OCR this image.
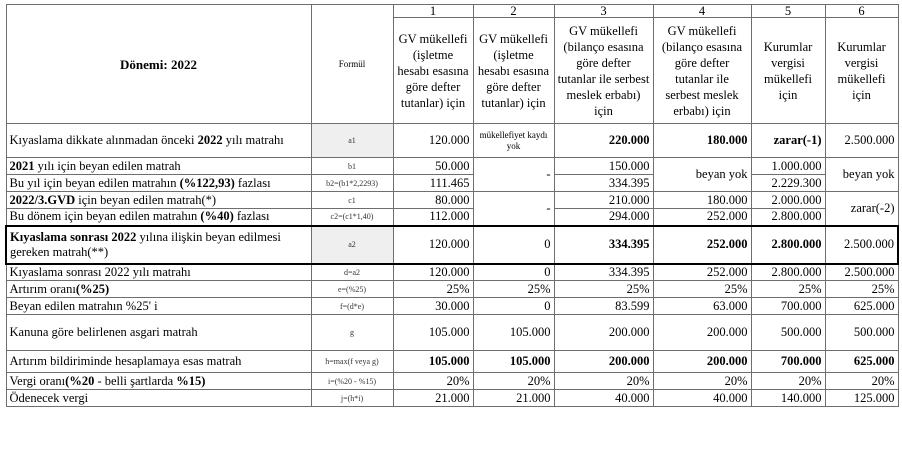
Dönemi: 2022	Formül	1	2	3	4	5	6
		GV mükellefi (işletme hesabı esasına göre defter tutanlar) için	GV mükellefi (işletme hesabı esasına göre defter tutanlar) için	GV mükellefi (bilanço esasına göre defter tutanlar ile serbest meslek erbabı) için	GV mükellefi (bilanço esasına göre defter tutanlar ile serbest meslek erbabı) için	Kurumlar vergisi mükellefi için	Kurumlar vergisi mükellefi için
Kıyaslama dikkate alınmadan önceki 2022 yılı matrahı	a1	120.000	mükellefiyet kaydı yok	220.000	180.000	zarar(-1)	2.500.000
2021 yılı için beyan edilen matrah	b1	50.000	-	150.000	beyan yok	1.000.000	beyan yok
Bu yıl için beyan edilen matrahın (%122,93) fazlası	b2=(b1*2,2293)	111.465		334.395		2.229.300	
2022/3.GVD için beyan edilen matrah(*)	c1	80.000	-	210.000	180.000	2.000.000	zarar(-2)
Bu dönem için beyan edilen matrahın (%40) fazlası	c2=(c1*1,40)	112.000		294.000	252.000	2.800.000	
Kıyaslama sonrası 2022 yılına ilişkin beyan edilmesi gereken matrah(**)	a2	120.000	0	334.395	252.000	2.800.000	2.500.000
Kıyaslama sonrası 2022 yılı matrahı	d=a2	120.000	0	334.395	252.000	2.800.000	2.500.000
Artırım oranı(%25)	e=(%25)	25%	25%	25%	25%	25%	25%
Beyan edilen matrahın %25' i	f=(d*e)	30.000	0	83.599	63.000	700.000	625.000
Kanuna göre belirlenen asgari matrah	g	105.000	105.000	200.000	200.000	500.000	500.000
Artırım bildiriminde hesaplamaya esas matrah	h=max(f veya g)	105.000	105.000	200.000	200.000	700.000	625.000
Vergi oranı(%20 - belli şartlarda %15)	i=(%20 - %15)	20%	20%	20%	20%	20%	20%
Ödenecek vergi	j=(h*i)	21.000	21.000	40.000	40.000	140.000	125.000
